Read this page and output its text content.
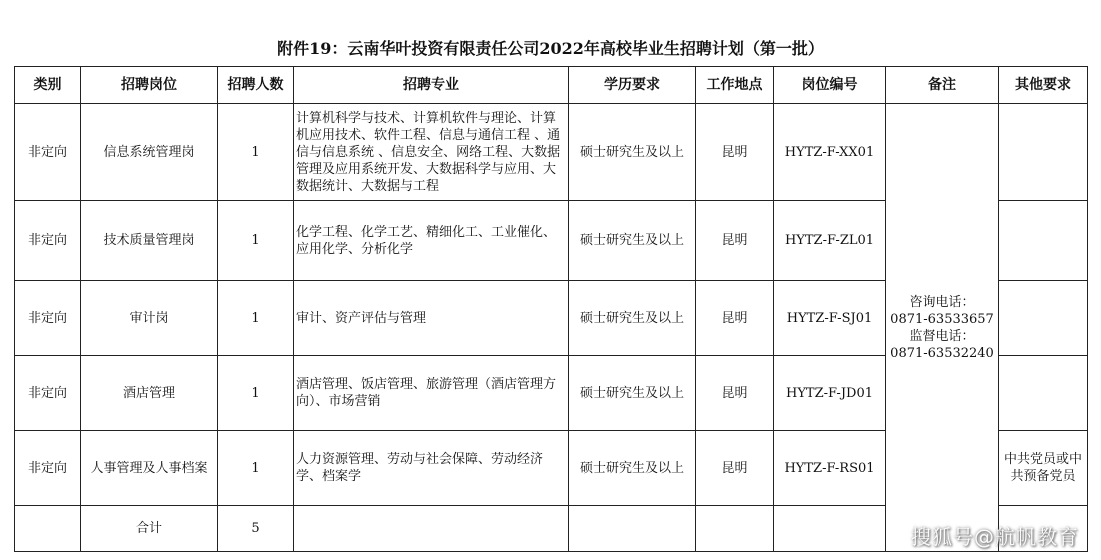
附件19：云南华叶投资有限责任公司2022年高校毕业生招聘计划（第一批）
类别	招聘岗位	招聘人数	招聘专业	学历要求	工作地点	岗位编号	备注	其他要求
非定向	信息系统管理岗	1	计算机科学与技术、计算机软件与理论、计算机应用技术、软件工程、信息与通信工程 、通信与信息系统 、信息安全、网络工程、大数据管理及应用系统开发、大数据科学与应用、大数据统计、大数据与工程	硕士研究生及以上	昆明	HYTZ-F-XX01	咨询电话：
0871-63533657
监督电话：
0871-63532240	

非定向	技术质量管理岗	1	化学工程、化学工艺、精细化工、工业催化、应用化学、分析化学	硕士研究生及以上	昆明	HYTZ-F-ZL01		
非定向	审计岗	1	审计、资产评估与管理	硕士研究生及以上	昆明	HYTZ-F-SJ01		
非定向	酒店管理	1	酒店管理、饭店管理、旅游管理（酒店管理方向）、市场营销	硕士研究生及以上	昆明	HYTZ-F-JD01		
非定向	人事管理及人事档案	1	人力资源管理、劳动与社会保障、劳动经济学、档案学	硕士研究生及以上	昆明	HYTZ-F-RS01		中共党员或中共预备党员
	合计	5							搜狐号@航帆教育
